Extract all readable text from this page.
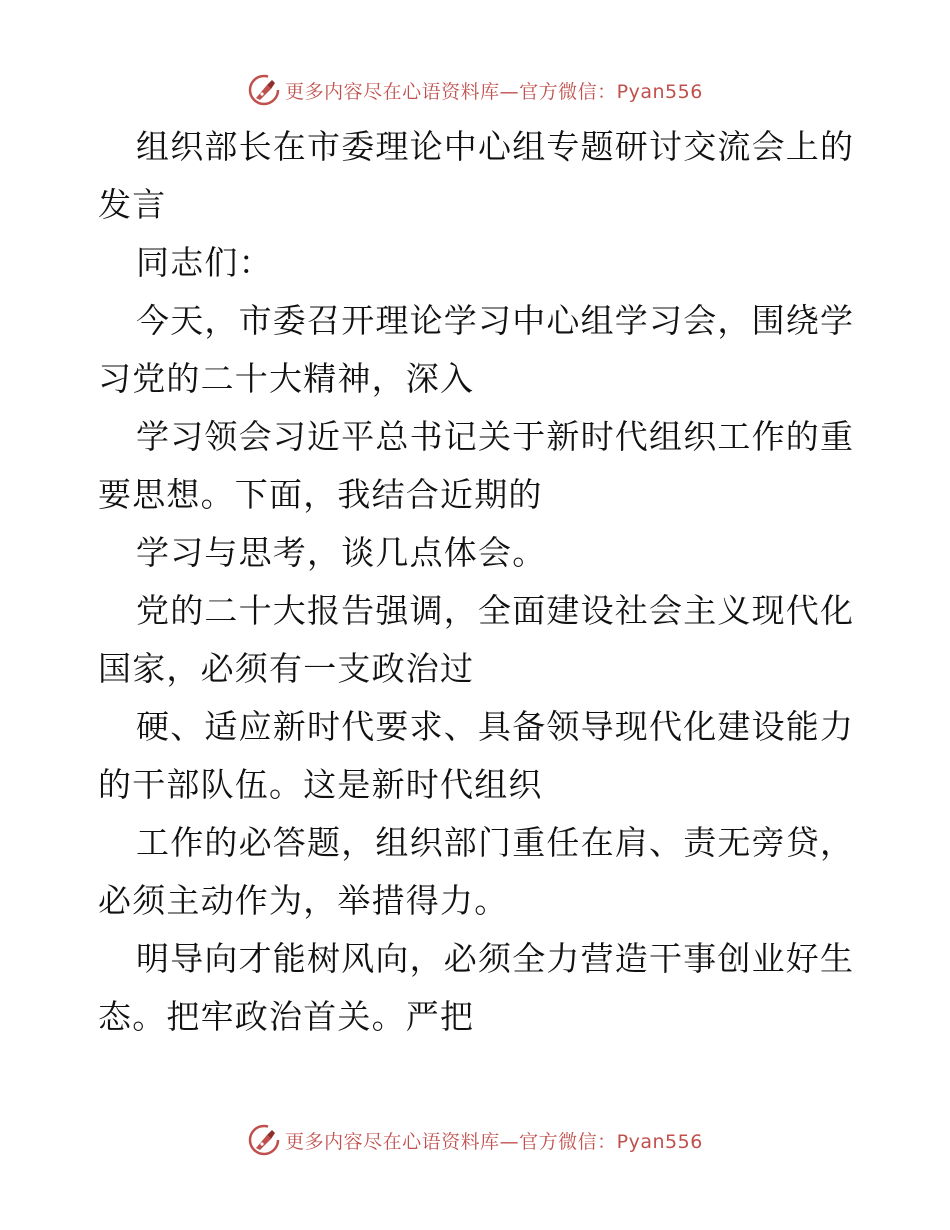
更多内容尽在心语资料库—官方微信：Pyan556

组织部长在市委理论中心组专题研讨交流会上的发言

同志们：

今天，市委召开理论学习中心组学习会，围绕学习党的二十大精神，深入

学习领会习近平总书记关于新时代组织工作的重要思想。下面，我结合近期的

学习与思考，谈几点体会。

党的二十大报告强调，全面建设社会主义现代化国家，必须有一支政治过

硬、适应新时代要求、具备领导现代化建设能力的干部队伍。这是新时代组织

工作的必答题，组织部门重任在肩、责无旁贷，必须主动作为，举措得力。

明导向才能树风向，必须全力营造干事创业好生态。把牢政治首关。严把

更多内容尽在心语资料库—官方微信：Pyan556
